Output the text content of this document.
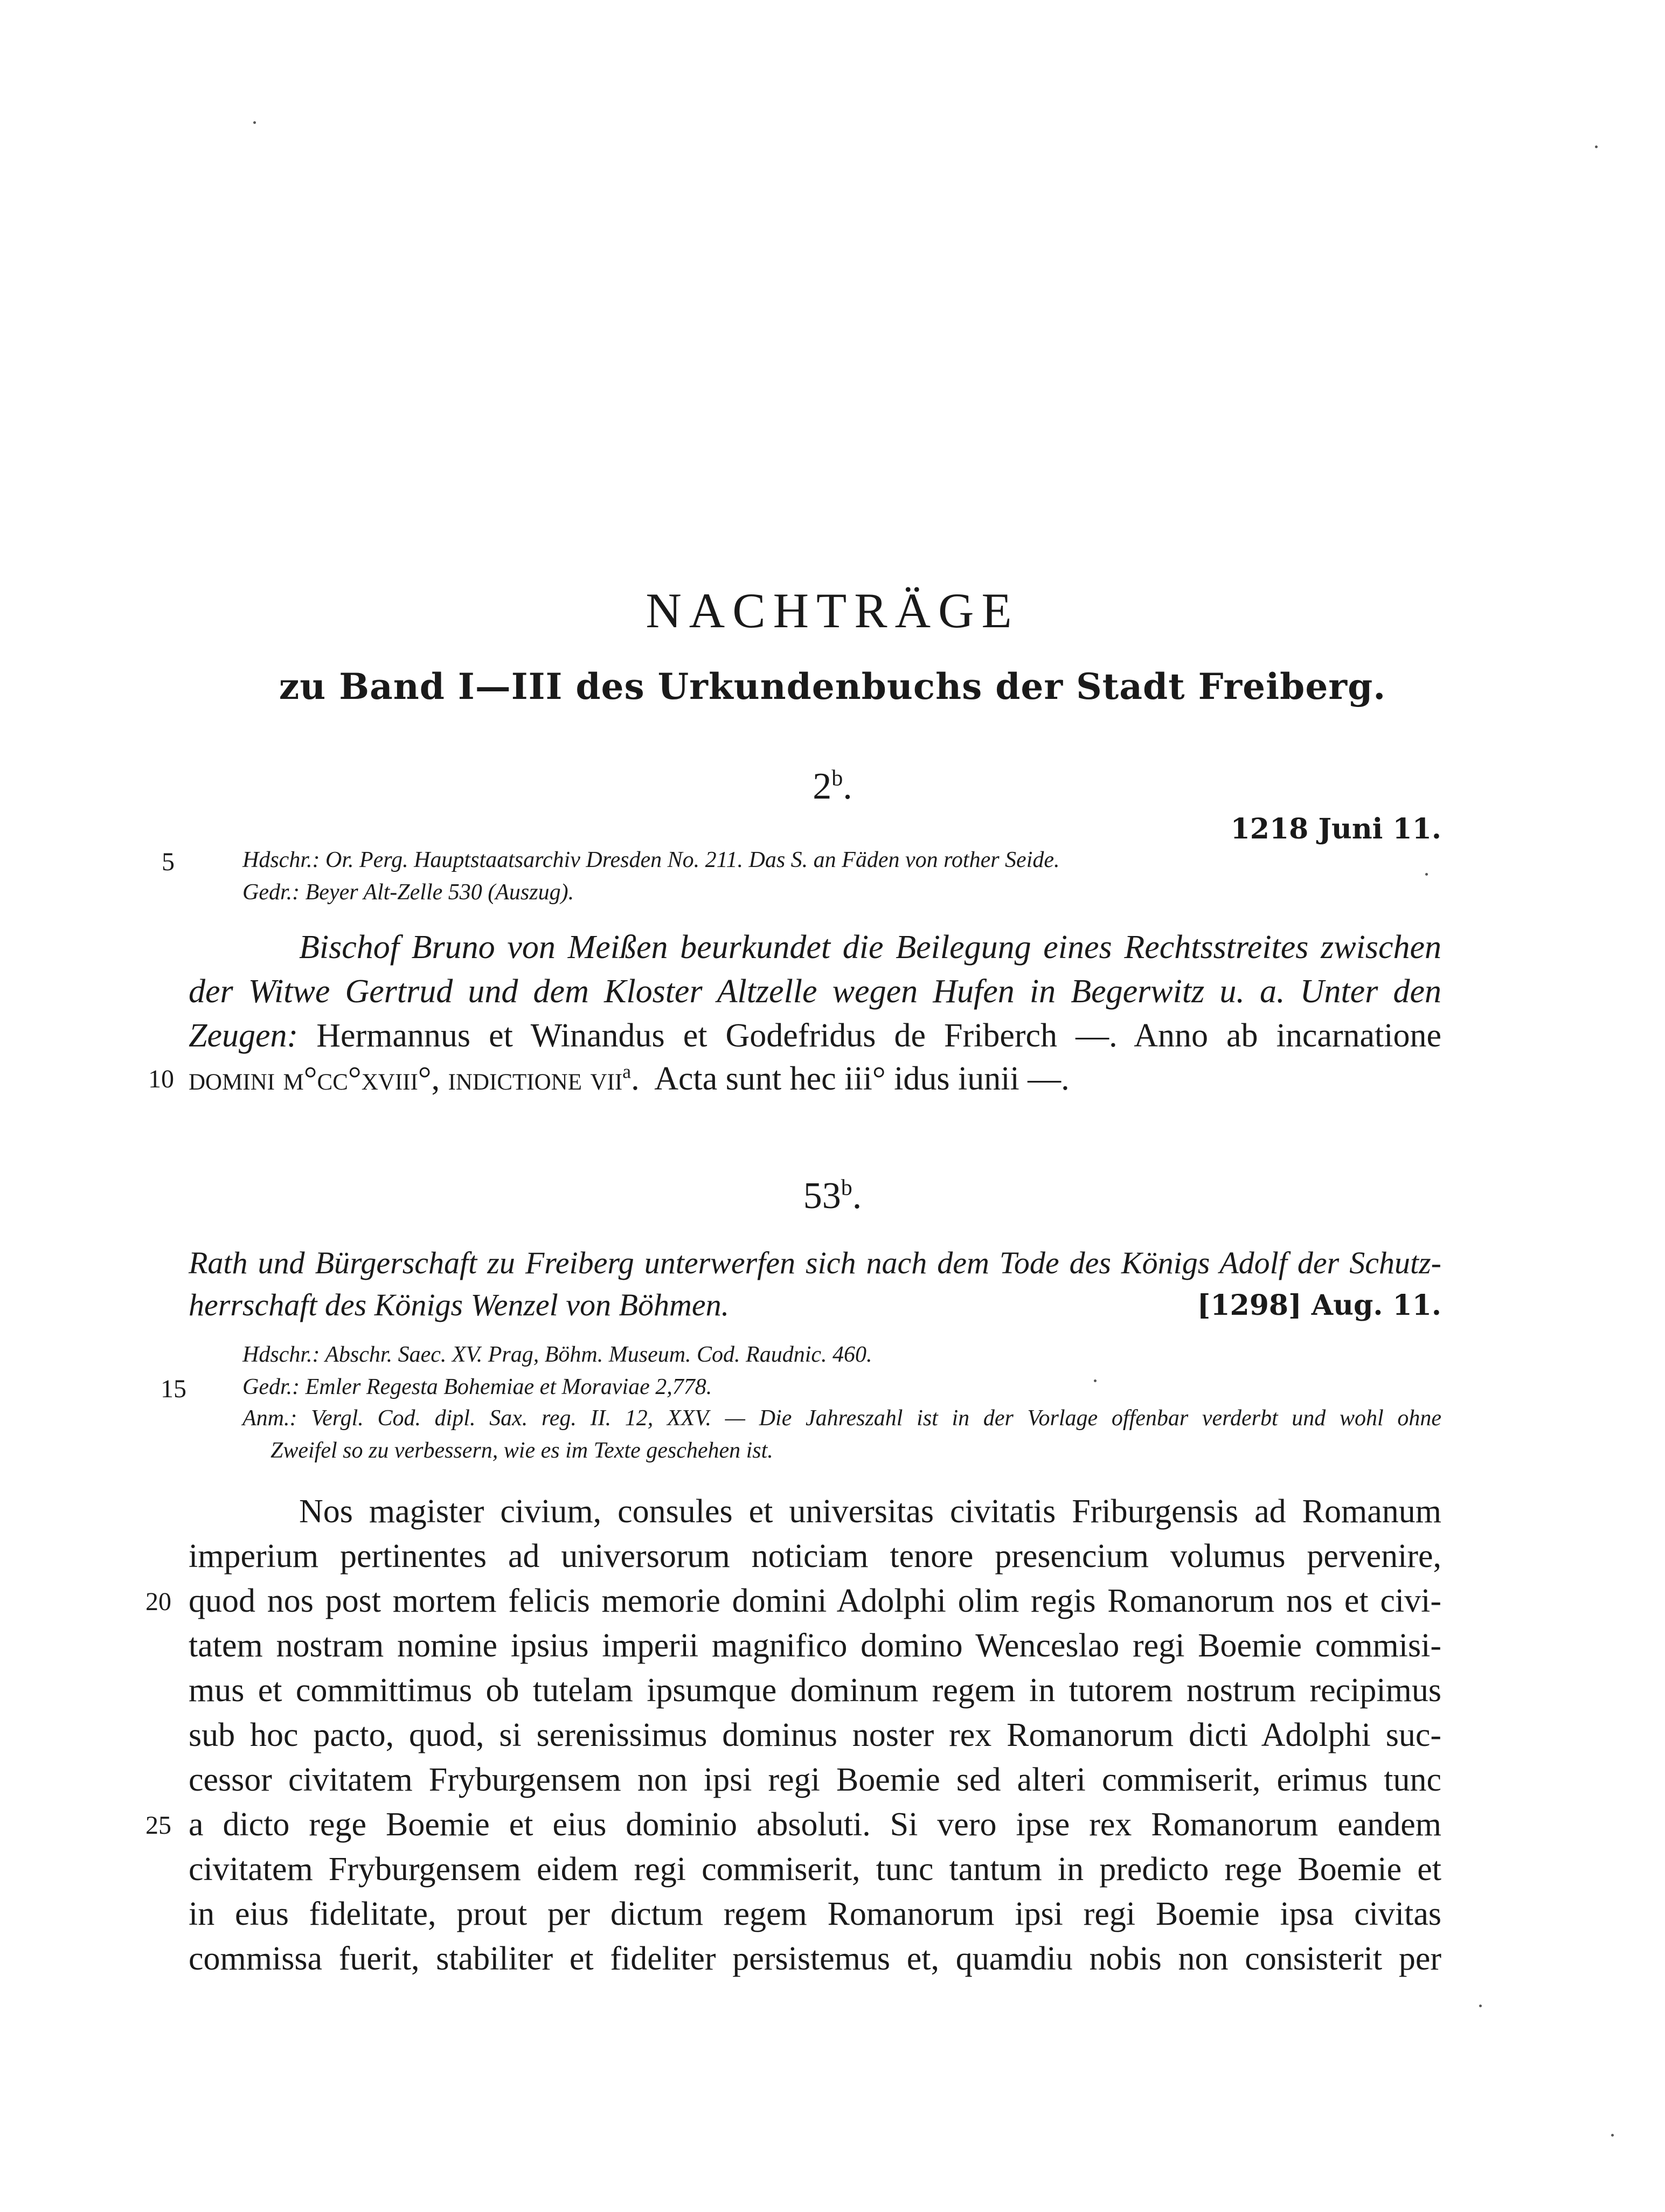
NACHTRÄGE
zu Band I—III des Urkundenbuchs der Stadt Freiberg.
2$^b$.
1218 Juni 11.
5	Hdschr.: Or. Perg. Hauptstaatsarchiv Dresden No. 211. Das S. an Fäden von rother Seide.
Gedr.: Beyer Alt-Zelle 530 (Auszug).
Bischof Bruno von Meißen beurkundet die Beilegung eines Rechtsstreites zwischen
der Witwe Gertrud und dem Kloster Altzelle wegen Hufen in Begerwitz u. a. Unter den
Zeugen: Hermannus et Winandus et Godefridus de Friberch —. Anno ab incarnatione
10 domini m°cc°xviii°, indictione vii$^a$.  Acta sunt hec iii° idus iunii —.
53$^b$.
Rath und Bürgerschaft zu Freiberg unterwerfen sich nach dem Tode des Königs Adolf der Schutz-
herrschaft des Königs Wenzel von Böhmen.	[1298] Aug. 11.
Hdschr.: Abschr. Saec. XV. Prag, Böhm. Museum. Cod. Raudnic. 460.
15 Gedr.: Emler Regesta Bohemiae et Moraviae 2,778.
Anm.: Vergl. Cod. dipl. Sax. reg. II. 12, XXV. — Die Jahreszahl ist in der Vorlage offenbar verderbt und wohl ohne
Zweifel so zu verbessern, wie es im Texte geschehen ist.
Nos magister civium, consules et universitas civitatis Friburgensis ad Romanum
imperium pertinentes ad universorum noticiam tenore presencium volumus pervenire,
20 quod nos post mortem felicis memorie domini Adolphi olim regis Romanorum nos et civi-
tatem nostram nomine ipsius imperii magnifico domino Wenceslao regi Boemie commisi-
mus et committimus ob tutelam ipsumque dominum regem in tutorem nostrum recipimus
sub hoc pacto, quod, si serenissimus dominus noster rex Romanorum dicti Adolphi suc-
cessor civitatem Fryburgensem non ipsi regi Boemie sed alteri commiserit, erimus tunc
25 a dicto rege Boemie et eius dominio absoluti. Si vero ipse rex Romanorum eandem
civitatem Fryburgensem eidem regi commiserit, tunc tantum in predicto rege Boemie et
in eius fidelitate, prout per dictum regem Romanorum ipsi regi Boemie ipsa civitas
commissa fuerit, stabiliter et fideliter persistemus et, quamdiu nobis non consisterit per
